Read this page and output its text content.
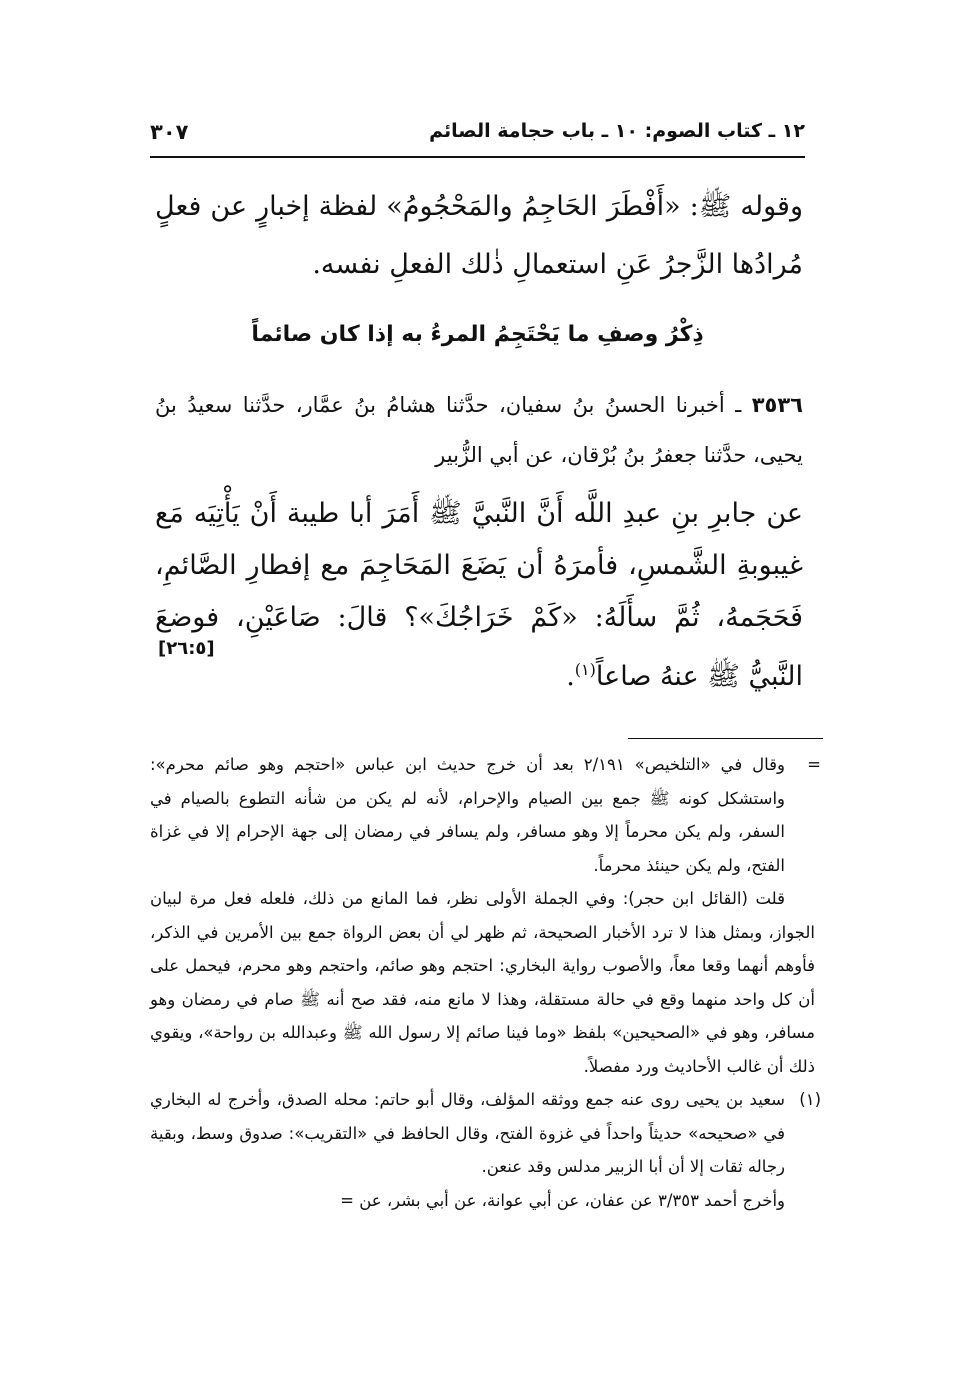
١٢ ـ كتاب الصوم: ١٠ ـ باب حجامة الصائم
٣٠٧
وقوله ﷺ: «أَفْطَرَ الحَاجِمُ والمَحْجُومُ» لفظة إخبارٍ عن فعلٍ مُرادُها الزَّجرُ عَنِ استعمالِ ذٰلك الفعلِ نفسه.
ذِكْرُ وصفِ ما يَحْتَجِمُ المرءُ به إذا كان صائماً
٣٥٣٦ ـ أخبرنا الحسنُ بنُ سفيان، حدَّثنا هشامُ بنُ عمَّار، حدَّثنا سعيدُ بنُ يحيى، حدَّثنا جعفرُ بنُ بُرْقان، عن أبي الزُّبير
عن جابرِ بنِ عبدِ اللَّه أَنَّ النَّبيَّ ﷺ أَمَرَ أبا طيبة أَنْ يَأْتِيَه مَع غيبوبةِ الشَّمسِ، فأمرَهُ أن يَضَعَ المَحَاجِمَ مع إفطارِ الصَّائمِ، فَحَجَمهُ، ثُمَّ سأَلَهُ: «كَمْ خَرَاجُكَ»؟ قالَ: صَاعَيْنِ، فوضعَ النَّبيُّ ﷺ عنهُ صاعاً$^{(١)}$.
[٢٦:٥]

=
وقال في «التلخيص» ٢/١٩١ بعد أن خرج حديث ابن عباس «احتجم وهو صائم محرم»: واستشكل كونه ﷺ جمع بين الصيام والإحرام، لأنه لم يكن من شأنه التطوع بالصيام في السفر، ولم يكن محرماً إلا وهو مسافر، ولم يسافر في رمضان إلى جهة الإحرام إلا في غزاة الفتح، ولم يكن حينئذ محرماً.

قلت (القائل ابن حجر): وفي الجملة الأولى نظر، فما المانع من ذلك، فلعله فعل مرة لبيان الجواز، وبمثل هذا لا ترد الأخبار الصحيحة، ثم ظهر لي أن بعض الرواة جمع بين الأمرين في الذكر، فأوهم أنهما وقعا معاً، والأصوب رواية البخاري: احتجم وهو صائم، واحتجم وهو محرم، فيحمل على أن كل واحد منهما وقع في حالة مستقلة، وهذا لا مانع منه، فقد صح أنه ﷺ صام في رمضان وهو مسافر، وهو في «الصحيحين» بلفظ «وما فينا صائم إلا رسول الله ﷺ وعبدالله بن رواحة»، ويقوي ذلك أن غالب الأحاديث ورد مفصلاً.

(١)
سعيد بن يحيى روى عنه جمع ووثقه المؤلف، وقال أبو حاتم: محله الصدق، وأخرج له البخاري في «صحيحه» حديثاً واحداً في غزوة الفتح، وقال الحافظ في «التقريب»: صدوق وسط، وبقية رجاله ثقات إلا أن أبا الزبير مدلس وقد عنعن.

وأخرج أحمد ٣/٣٥٣ عن عفان، عن أبي عوانة، عن أبي بشر، عن =
